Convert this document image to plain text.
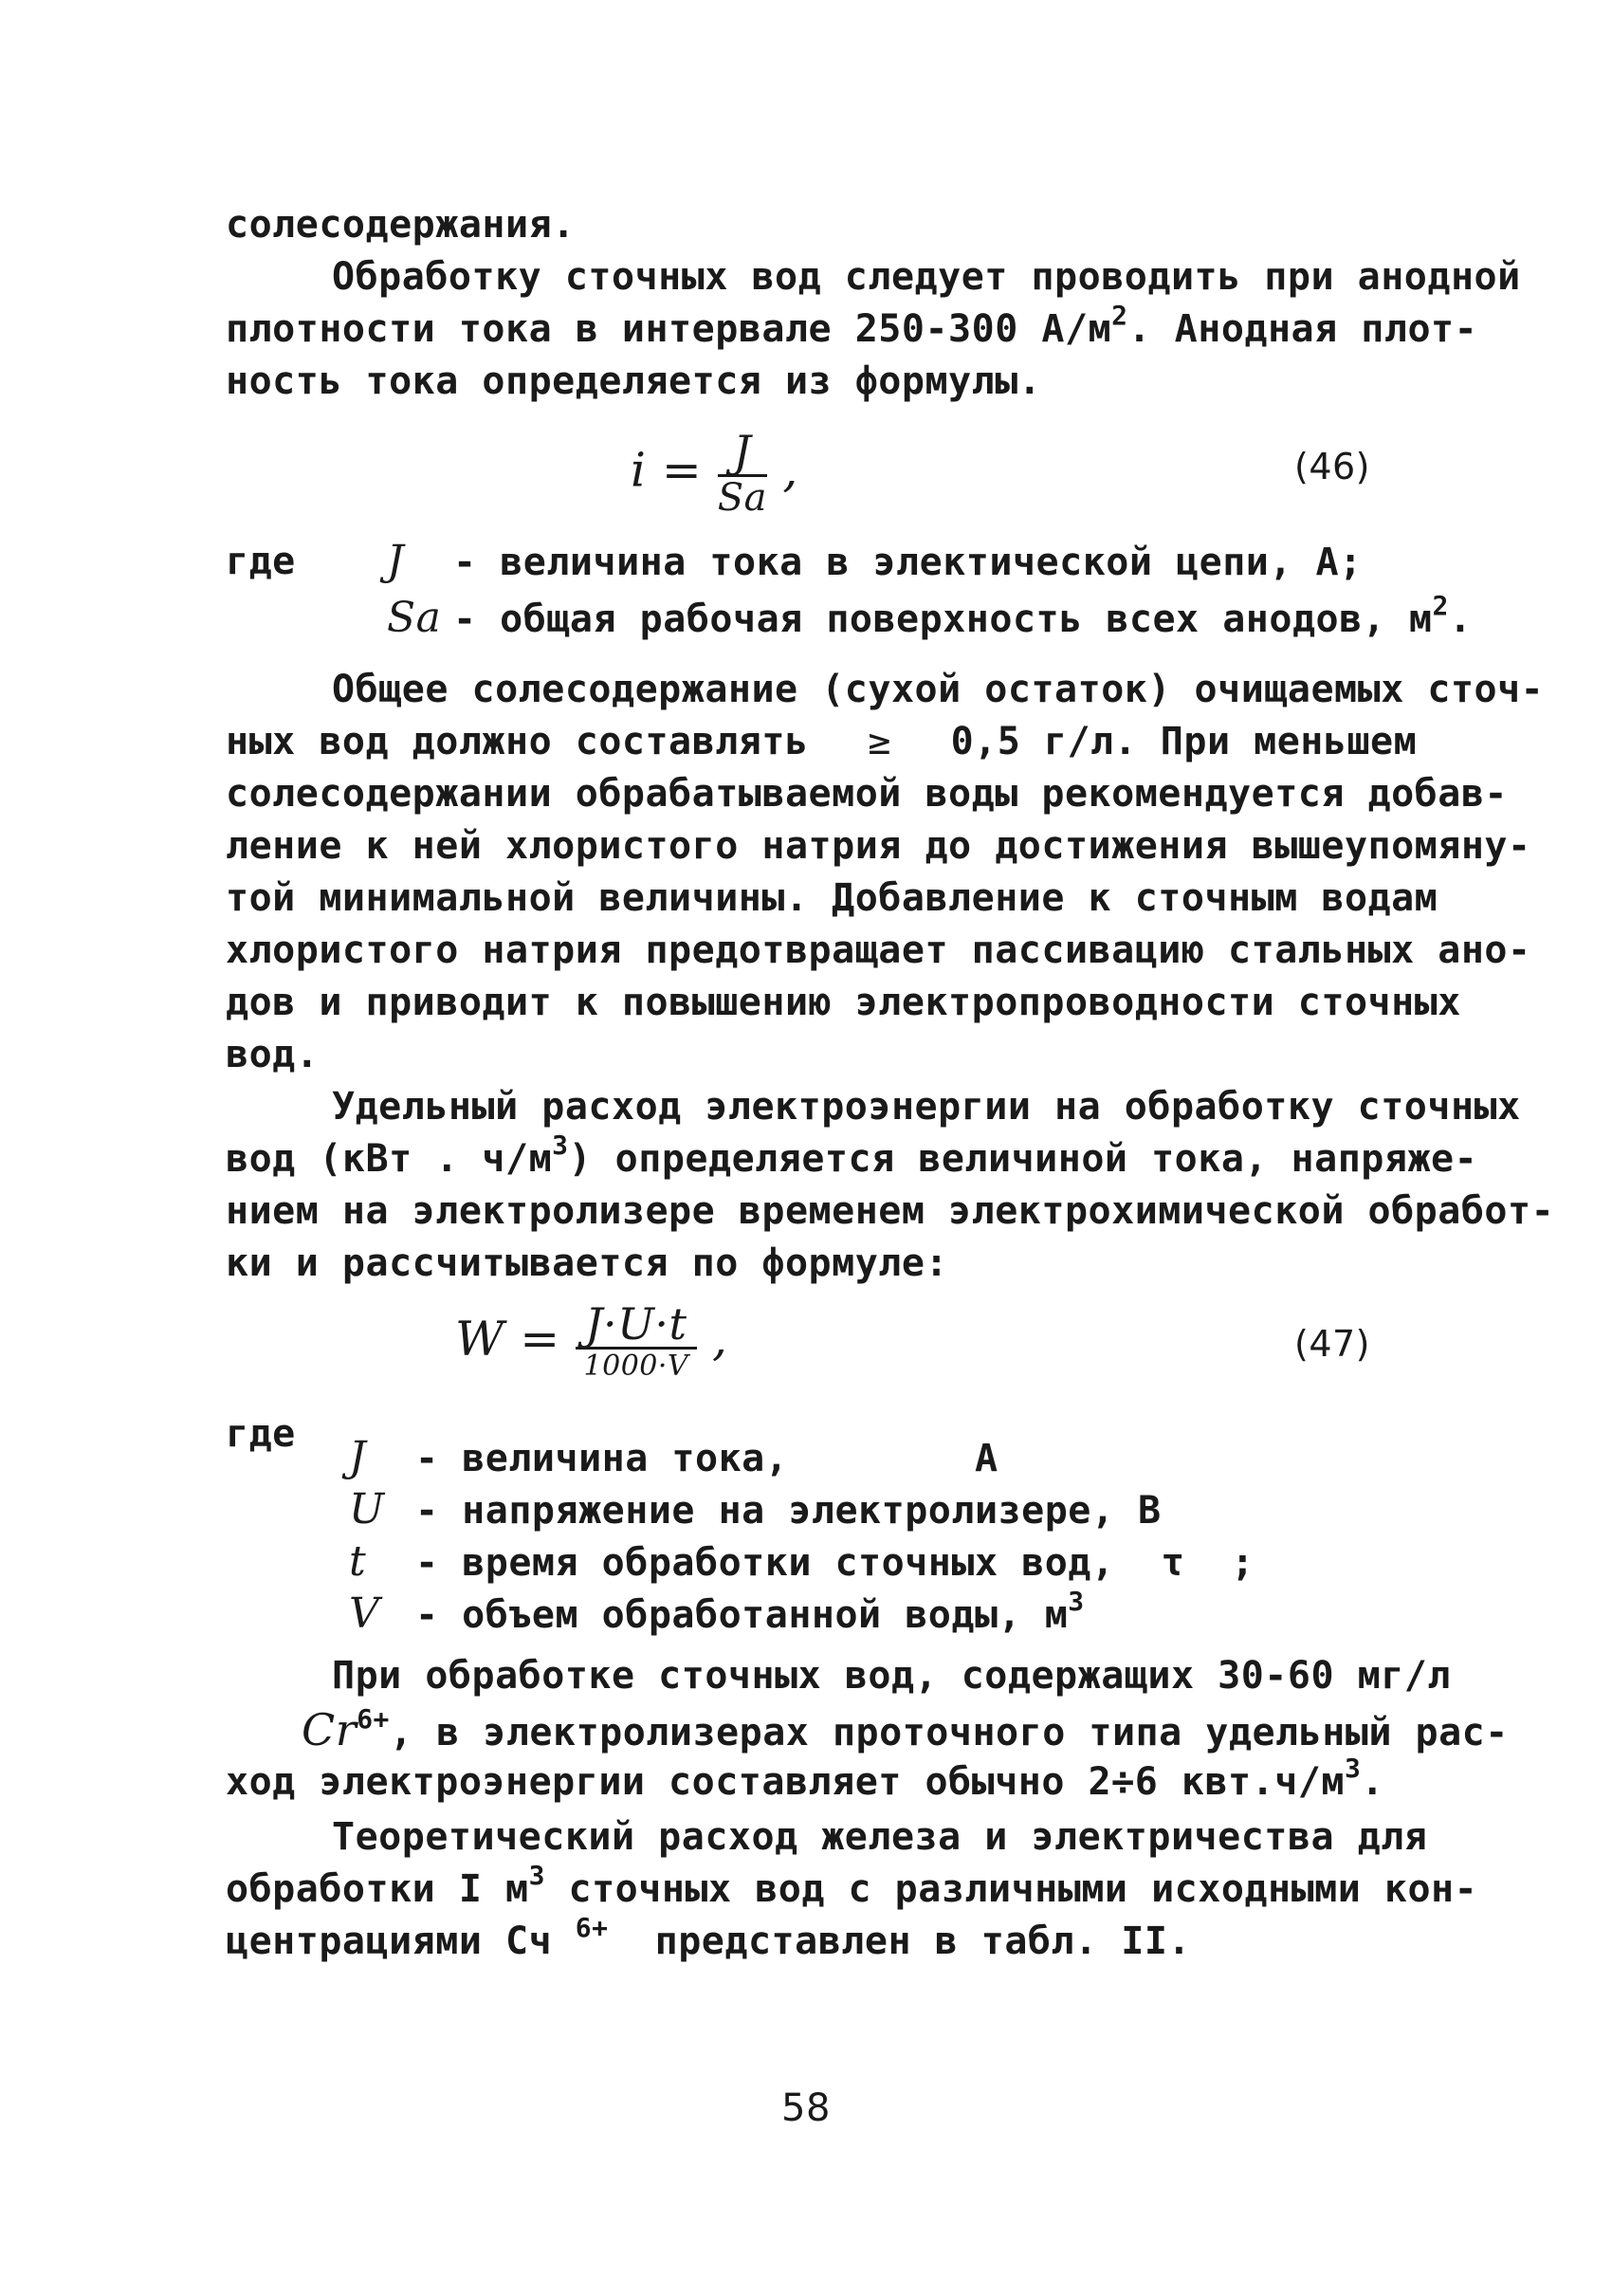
солесодержания.
Обработку сточных вод следует проводить при анодной
плотности тока в интервале 250-300 $А/м^2$. Анодная плот-
ность тока определяется из формулы.
$i = \frac{J}{Sa}$ ,	(46)
где J - величина тока в электической цепи, А;
Sa - общая рабочая поверхность всех анодов, $м^2$.
Общее солесодержание (сухой остаток) очищаемых сточ-
ных вод должно составлять ≥ 0,5 г/л. При меньшем
солесодержании обрабатываемой воды рекомендуется добав-
ление к ней хлористого натрия до достижения вышеупомяну-
той минимальной величины. Добавление к сточным водам
хлористого натрия предотвращает пассивацию стальных ано-
дов и приводит к повышению электропроводности сточных
вод.
Удельный расход электроэнергии на обработку сточных
вод (кВт . $ч/м^3$) определяется величиной тока, напряже-
нием на электролизере временем электрохимической обработ-
ки и рассчитывается по формуле:
$W = \frac{J\cdot U\cdot t}{1000\cdot V}$ ,	(47)
где J - величина тока,        А
U - напряжение на электролизере, В
t - время обработки сточных вод,  τ  ;
V - объем обработанной воды, $м^3$
При обработке сточных вод, содержащих 30-60 мг/л
$Cr^{6+}$, в электролизерах проточного типа удельный рас-
ход электроэнергии составляет обычно 2÷6 $квт.ч/м^3$.
Теоретический расход железа и электричества для
обработки I $м^3$ сточных вод с различными исходными кон-
центрациями Cч $^{6+}$  представлен в табл. II.
58
